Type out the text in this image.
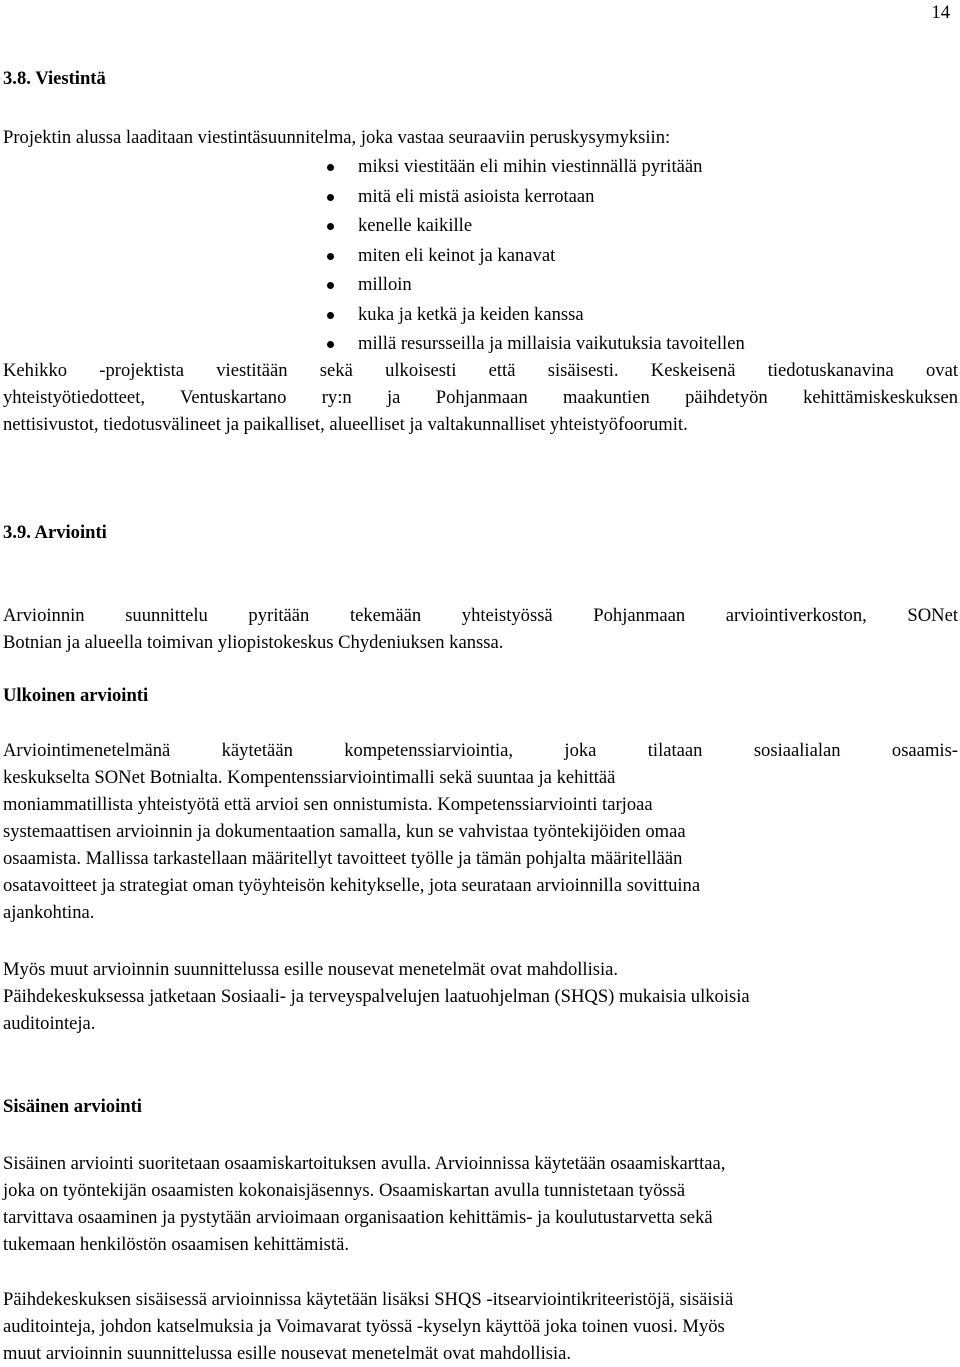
14
3.8. Viestintä

Projektin alussa laaditaan viestintäsuunnitelma, joka vastaa seuraaviin peruskysymyksiin:

miksi viestitään eli mihin viestinnällä pyritään
mitä eli mistä asioista kerrotaan
kenelle kaikille
miten eli keinot ja kanavat
milloin
kuka ja ketkä ja keiden kanssa
millä resursseilla ja millaisia vaikutuksia tavoitellen

Kehikko -projektista viestitään sekä ulkoisesti että sisäisesti. Keskeisenä tiedotuskanavina ovat
yhteistyötiedotteet, Ventuskartano ry:n ja Pohjanmaan maakuntien päihdetyön kehittämiskeskuksen
nettisivustot, tiedotusvälineet ja paikalliset, alueelliset ja valtakunnalliset yhteistyöfoorumit.

3.9. Arviointi

Arvioinnin suunnittelu pyritään tekemään yhteistyössä Pohjanmaan arviointiverkoston, SONet
Botnian ja alueella toimivan yliopistokeskus Chydeniuksen kanssa.

Ulkoinen arviointi

Arviointimenetelmänä käytetään kompetenssiarviointia, joka tilataan sosiaalialan osaamis-
keskukselta SONet Botnialta. Kompentenssiarviointimalli sekä suuntaa ja kehittää
moniammatillista yhteistyötä että arvioi sen onnistumista. Kompetenssiarviointi tarjoaa
systemaattisen arvioinnin ja dokumentaation samalla, kun se vahvistaa työntekijöiden omaa
osaamista. Mallissa tarkastellaan määritellyt tavoitteet työlle ja tämän pohjalta määritellään
osatavoitteet ja strategiat oman työyhteisön kehitykselle, jota seurataan arvioinnilla sovittuina
ajankohtina.

Myös muut arvioinnin suunnittelussa esille nousevat menetelmät ovat mahdollisia.
Päihdekeskuksessa jatketaan Sosiaali- ja terveyspalvelujen laatuohjelman (SHQS) mukaisia ulkoisia
auditointeja.

Sisäinen arviointi

Sisäinen arviointi suoritetaan osaamiskartoituksen avulla. Arvioinnissa käytetään osaamiskarttaa,
joka on työntekijän osaamisten kokonaisjäsennys. Osaamiskartan avulla tunnistetaan työssä
tarvittava osaaminen ja pystytään arvioimaan organisaation kehittämis- ja koulutustarvetta sekä
tukemaan henkilöstön osaamisen kehittämistä.

Päihdekeskuksen sisäisessä arvioinnissa käytetään lisäksi SHQS -itsearviointikriteeristöjä, sisäisiä
auditointeja, johdon katselmuksia ja Voimavarat työssä -kyselyn käyttöä joka toinen vuosi. Myös
muut arvioinnin suunnittelussa esille nousevat menetelmät ovat mahdollisia.
